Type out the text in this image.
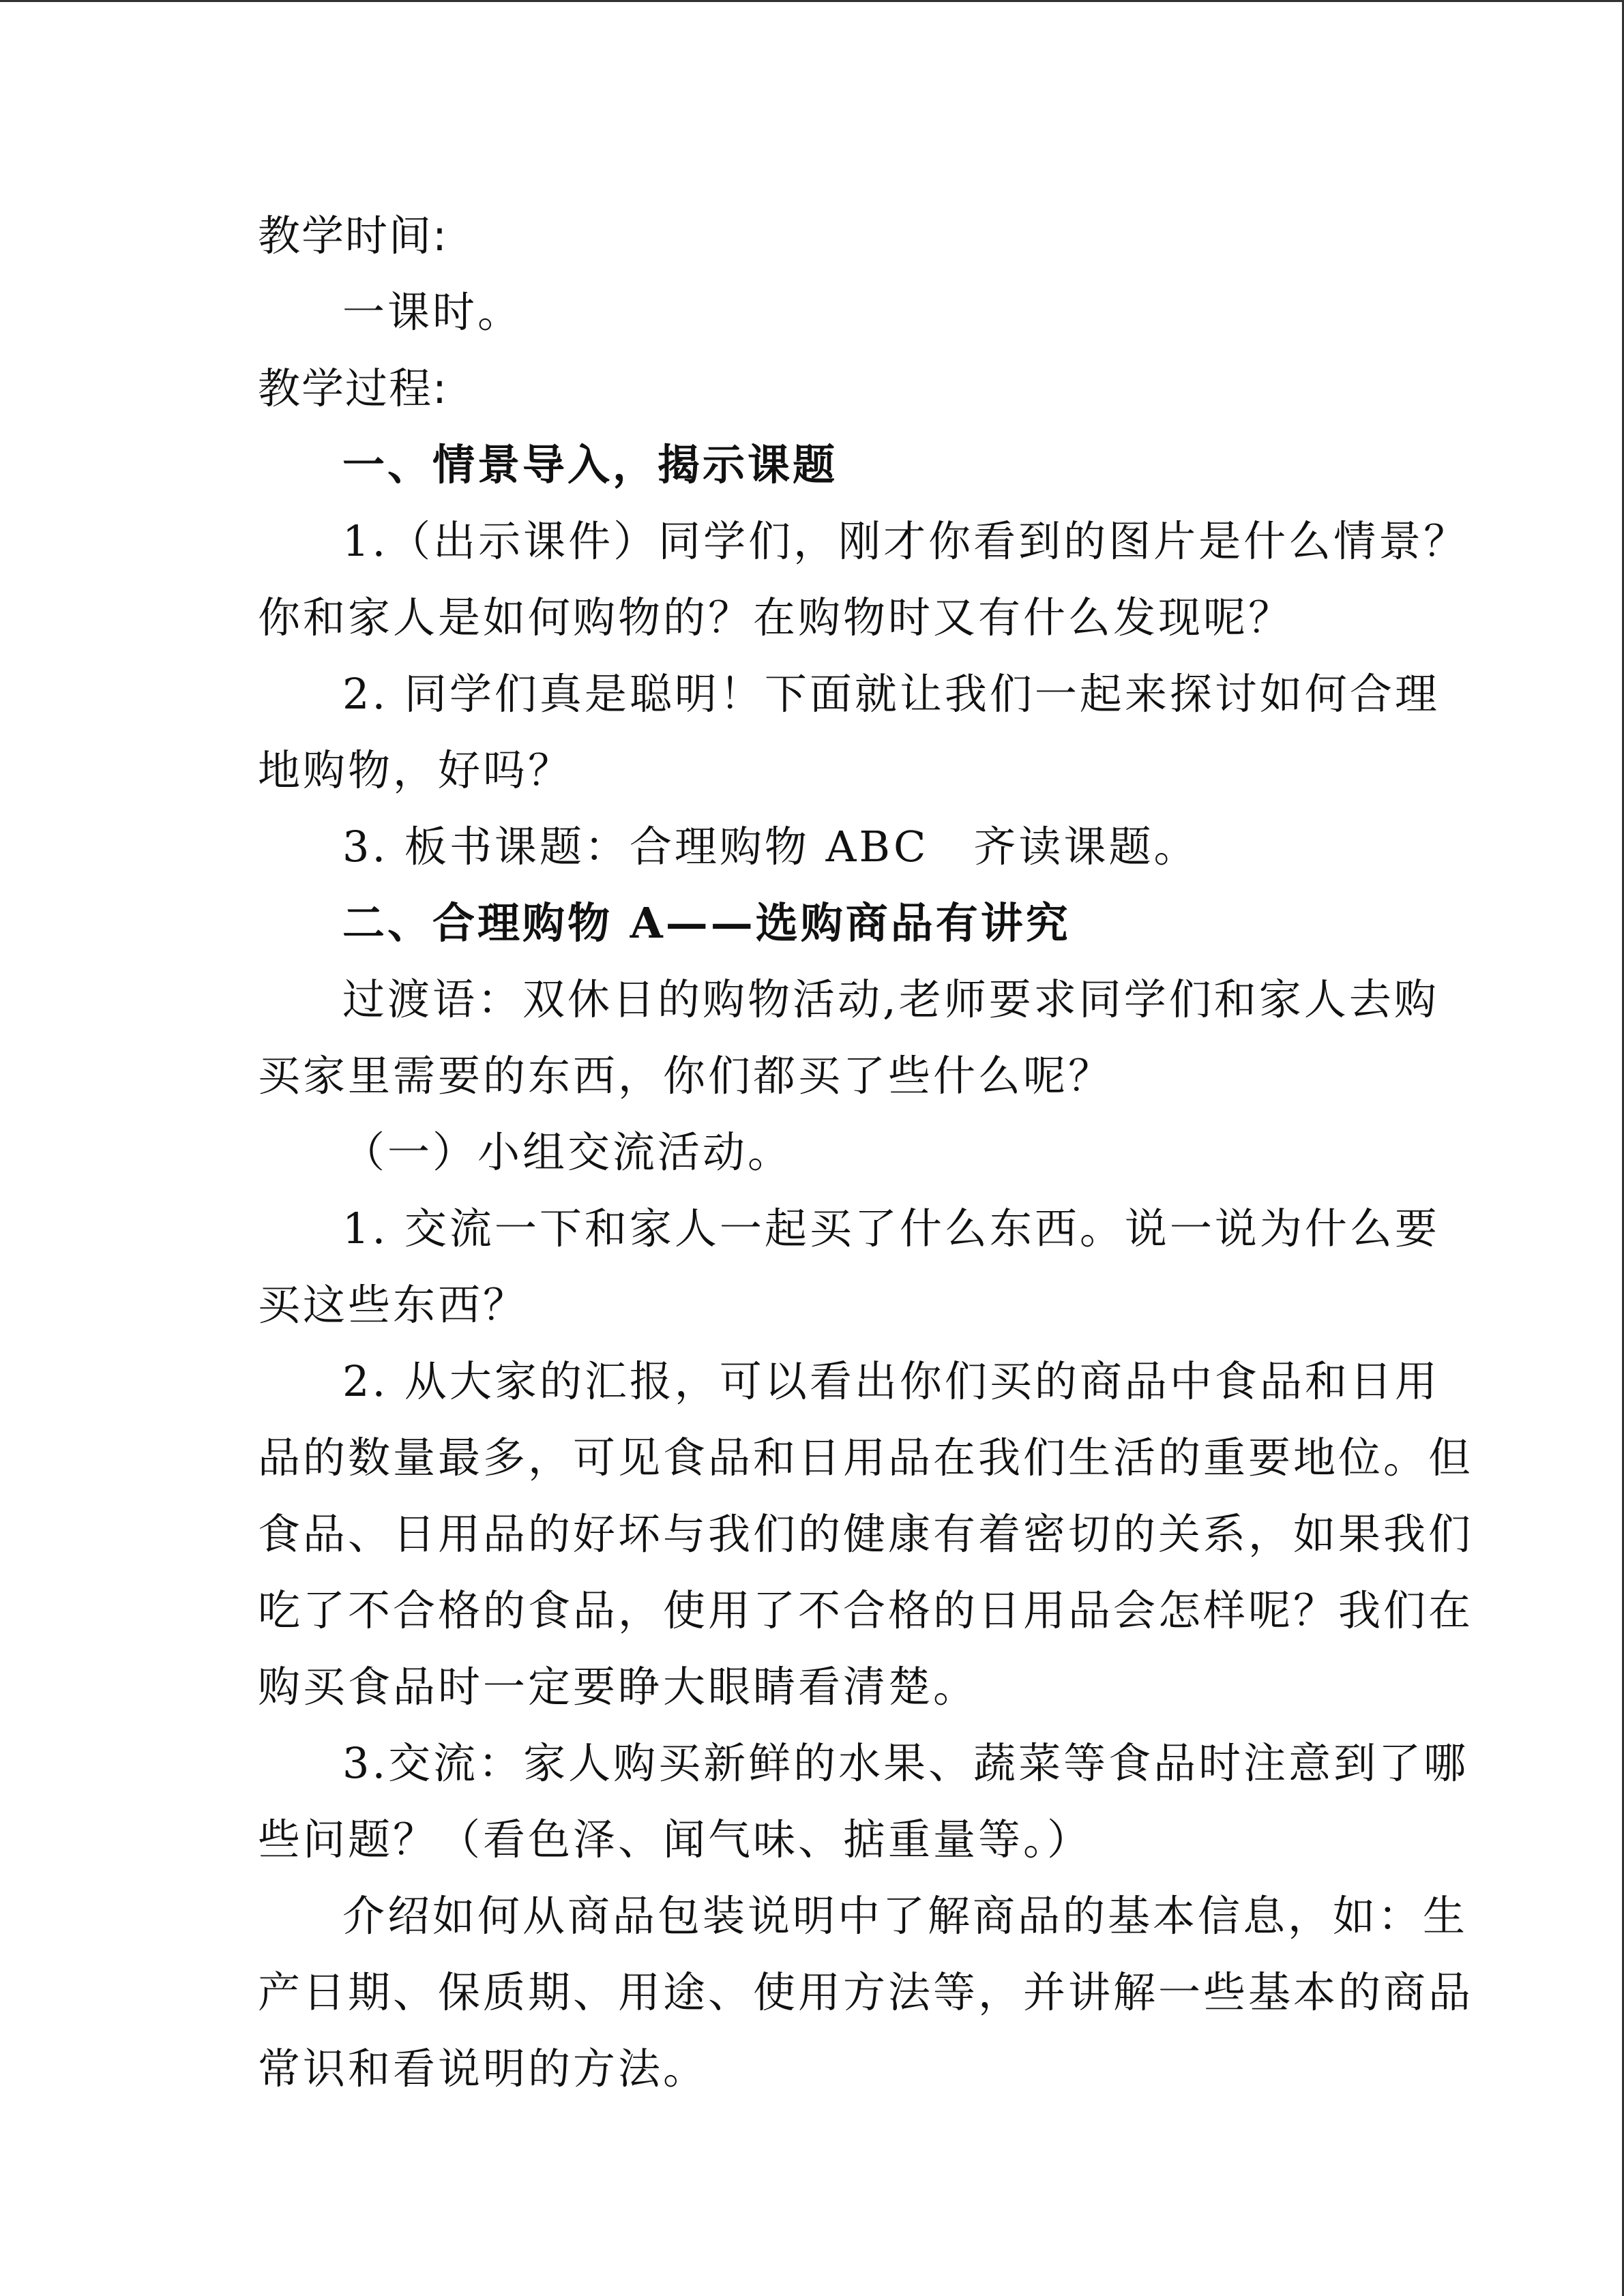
教学时间:

一课时。

教学过程:

一、情景导入，揭示课题

1.（出示课件）同学们，刚才你看到的图片是什么情景？

你和家人是如何购物的？在购物时又有什么发现呢？

2. 同学们真是聪明！下面就让我们一起来探讨如何合理

地购物，好吗？

3. 板书课题：合理购物 ABC　齐读课题。

二、合理购物 A——选购商品有讲究

过渡语：双休日的购物活动,老师要求同学们和家人去购

买家里需要的东西，你们都买了些什么呢？

（一）小组交流活动。

1. 交流一下和家人一起买了什么东西。说一说为什么要

买这些东西？

2. 从大家的汇报，可以看出你们买的商品中食品和日用

品的数量最多，可见食品和日用品在我们生活的重要地位。但

食品、日用品的好坏与我们的健康有着密切的关系，如果我们

吃了不合格的食品，使用了不合格的日用品会怎样呢？我们在

购买食品时一定要睁大眼睛看清楚。

3.交流：家人购买新鲜的水果、蔬菜等食品时注意到了哪

些问题？（看色泽、闻气味、掂重量等。）

介绍如何从商品包装说明中了解商品的基本信息，如：生

产日期、保质期、用途、使用方法等，并讲解一些基本的商品

常识和看说明的方法。
